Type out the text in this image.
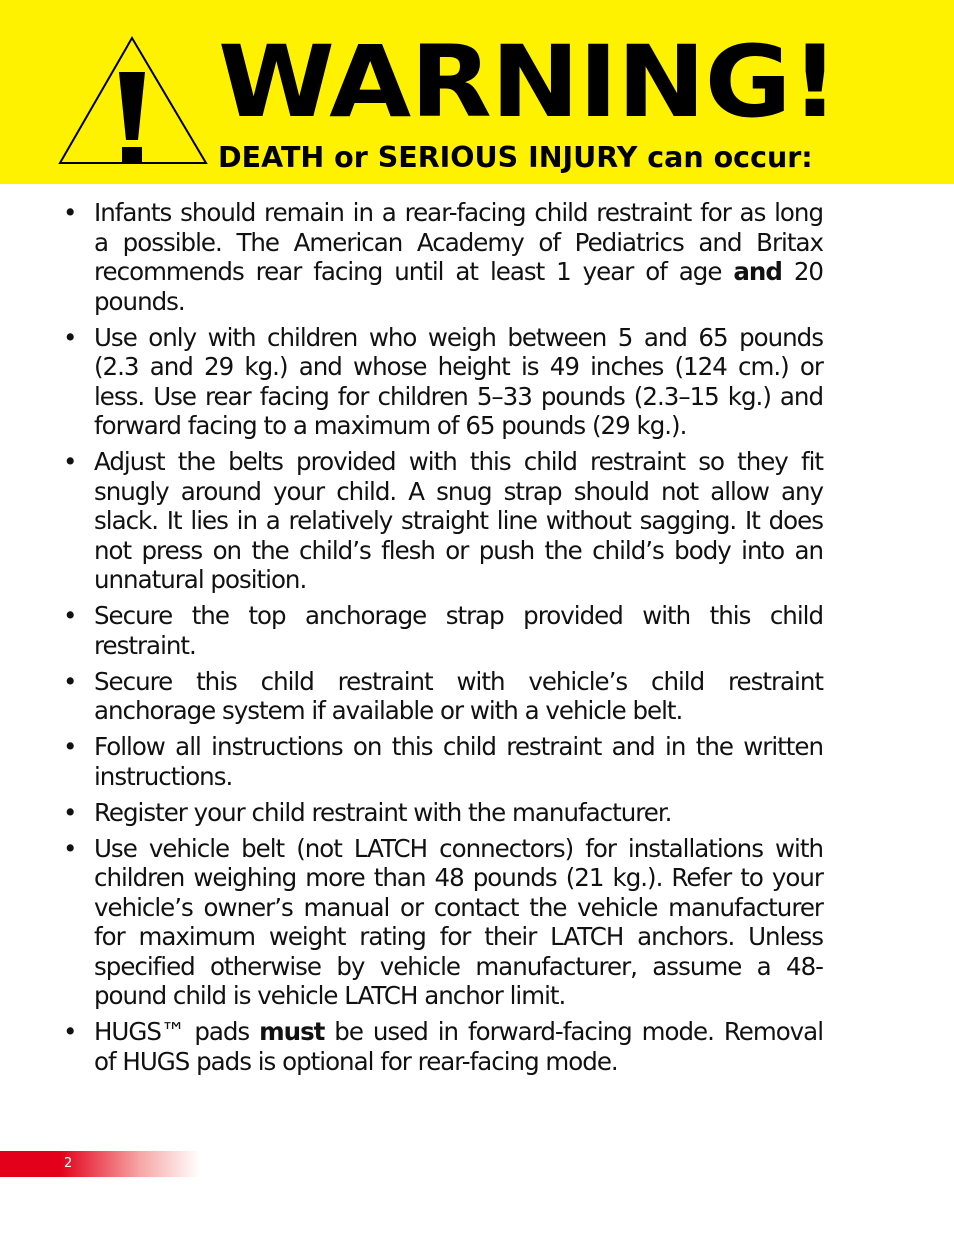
WARNING!
DEATH or SERIOUS INJURY can occur:
• Infants should remain in a rear-facing child restraint for as long a possible. The American Academy of Pediatrics and Britax recommends rear facing until at least 1 year of age and 20 pounds.
• Use only with children who weigh between 5 and 65 pounds (2.3 and 29 kg.) and whose height is 49 inches (124 cm.) or less. Use rear facing for children 5–33 pounds (2.3–15 kg.) and forward facing to a maximum of 65 pounds (29 kg.).
• Adjust the belts provided with this child restraint so they fit snugly around your child. A snug strap should not allow any slack. It lies in a relatively straight line without sagging. It does not press on the child’s flesh or push the child’s body into an unnatural position.
• Secure the top anchorage strap provided with this child restraint.
• Secure this child restraint with vehicle’s child restraint anchorage system if available or with a vehicle belt.
• Follow all instructions on this child restraint and in the written instructions.
• Register your child restraint with the manufacturer.
• Use vehicle belt (not LATCH connectors) for installations with children weighing more than 48 pounds (21 kg.). Refer to your vehicle’s owner’s manual or contact the vehicle manufacturer for maximum weight rating for their LATCH anchors. Unless specified otherwise by vehicle manufacturer, assume a 48-pound child is vehicle LATCH anchor limit.
• HUGS™ pads must be used in forward-facing mode. Removal of HUGS pads is optional for rear-facing mode.
2
